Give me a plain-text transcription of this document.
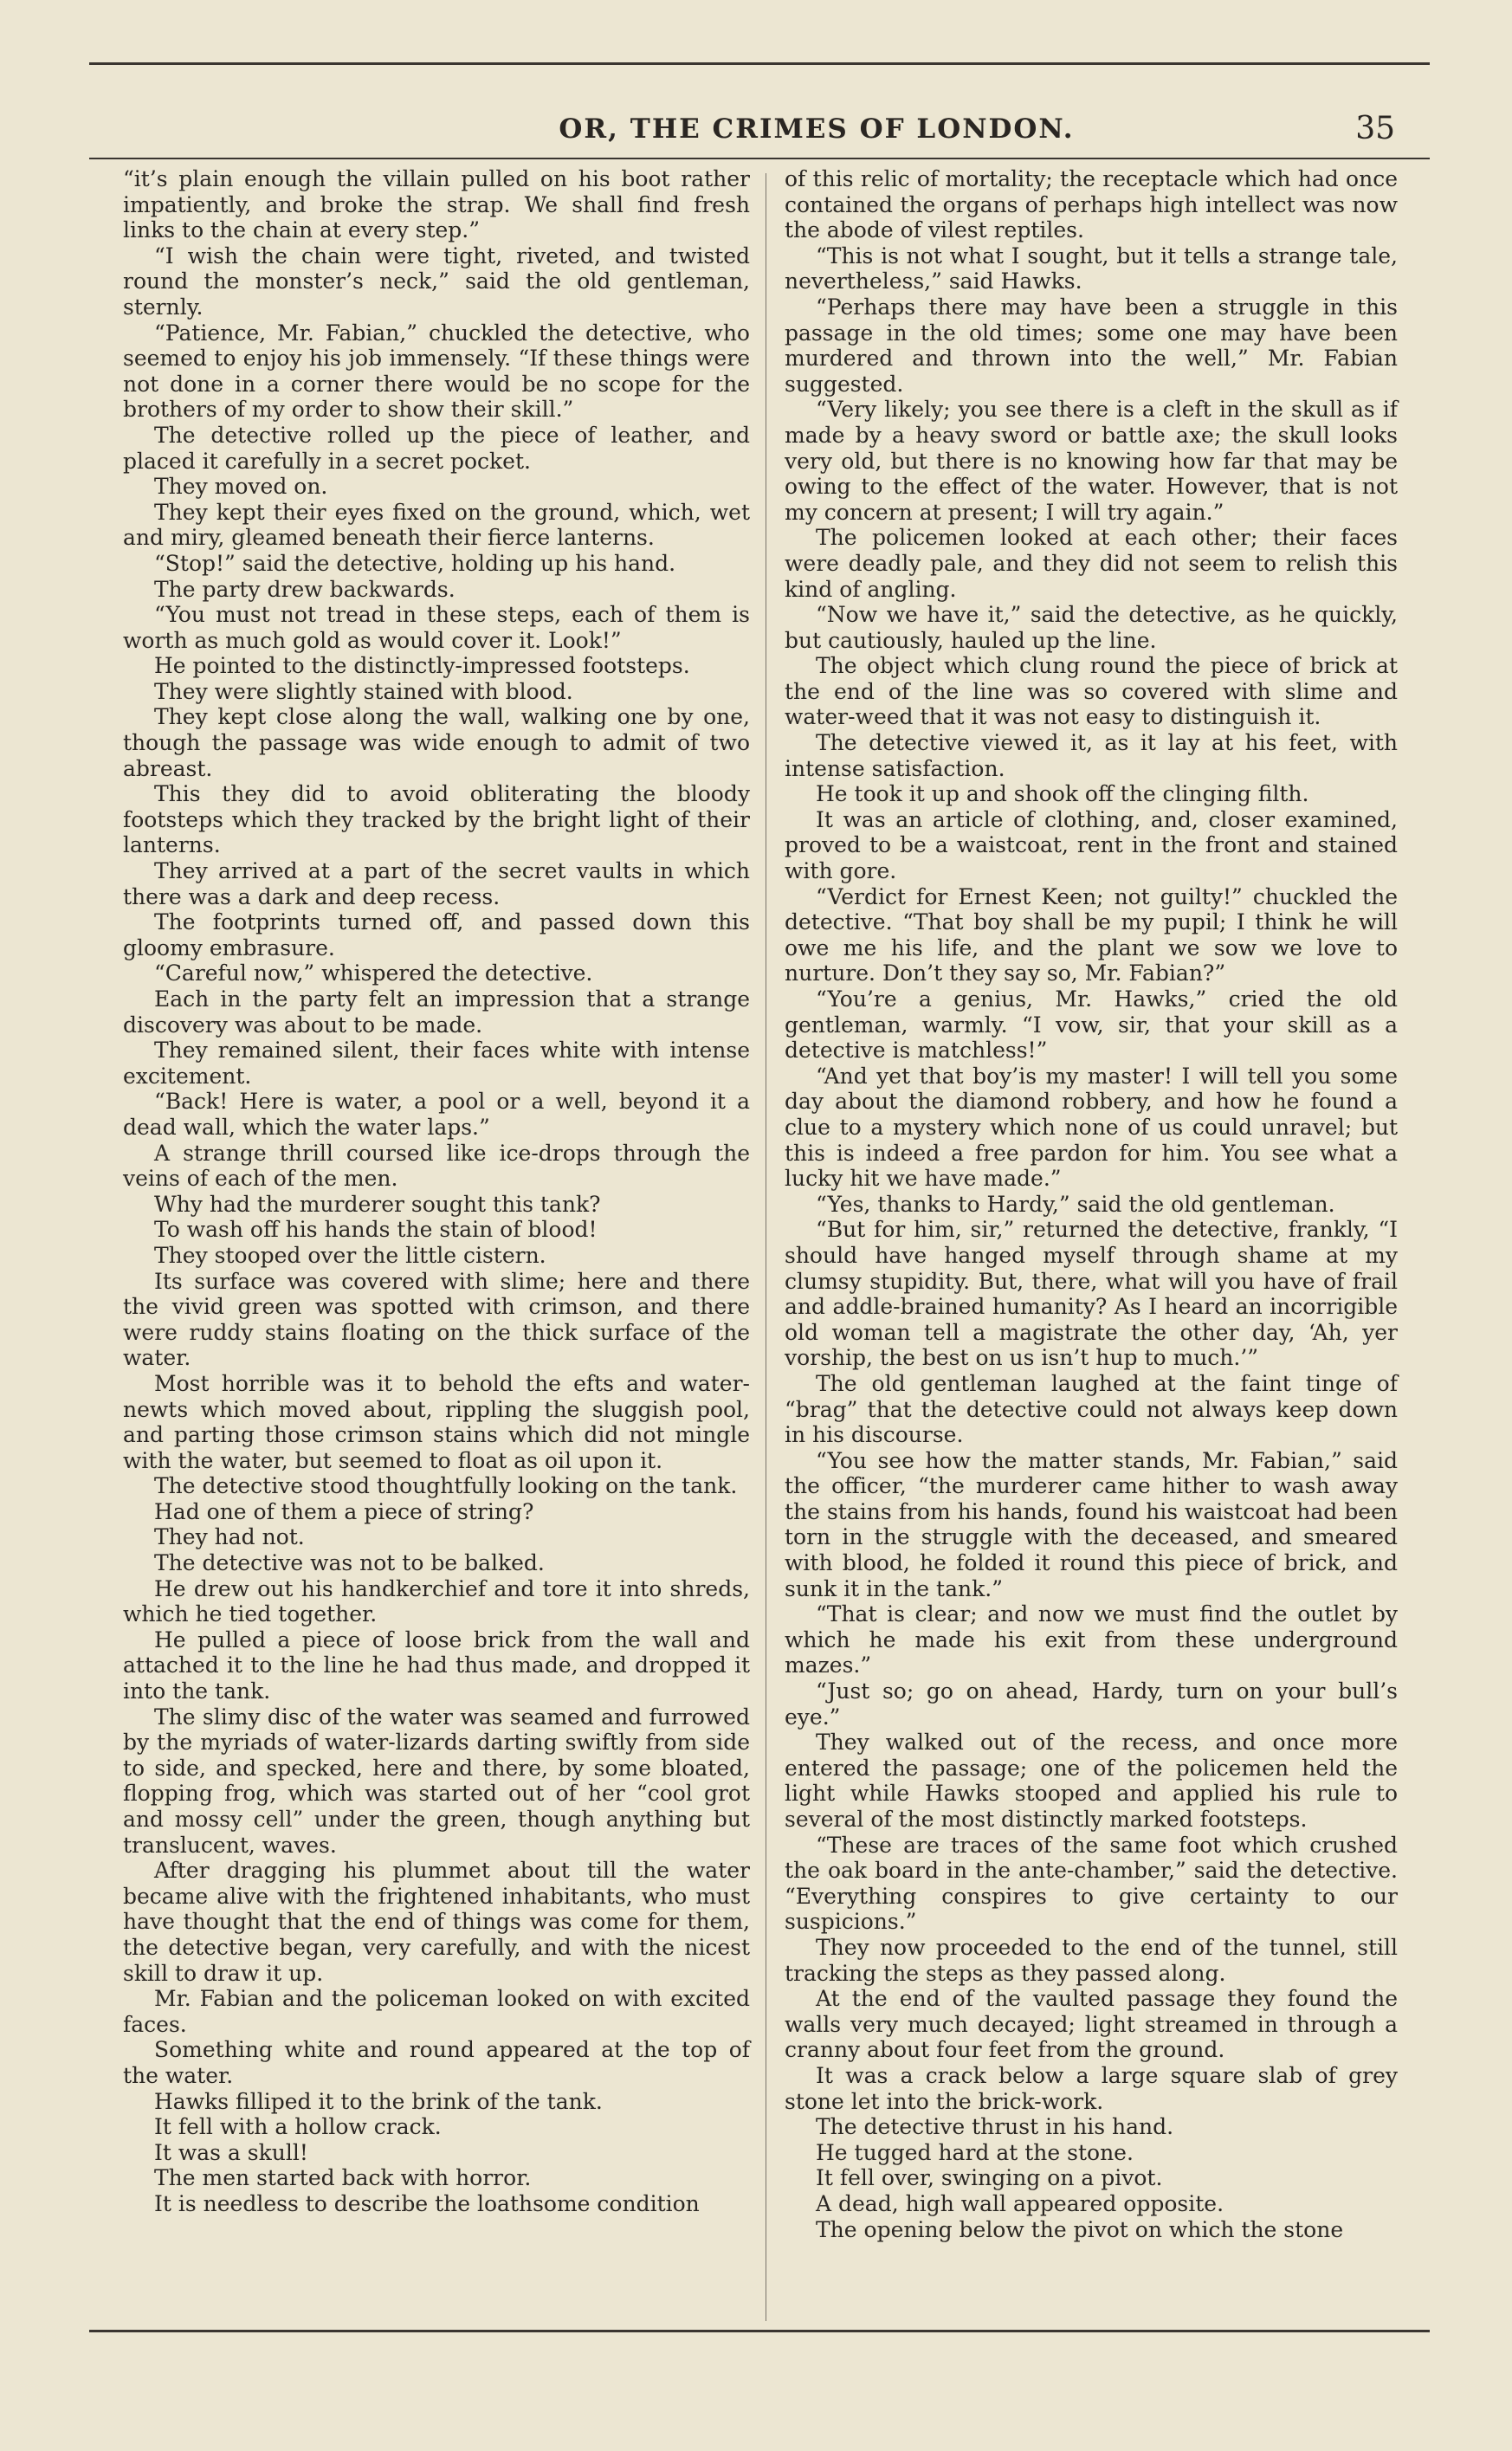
OR, THE CRIMES OF LONDON.	35

“it’s plain enough the villain pulled on his boot rather impatiently, and broke the strap. We shall find fresh links to the chain at every step.”

“I wish the chain were tight, riveted, and twisted round the monster’s neck,” said the old gentleman, sternly.

“Patience, Mr. Fabian,” chuckled the detective, who seemed to enjoy his job immensely. “If these things were not done in a corner there would be no scope for the brothers of my order to show their skill.”

The detective rolled up the piece of leather, and placed it carefully in a secret pocket.

They moved on.

They kept their eyes fixed on the ground, which, wet and miry, gleamed beneath their fierce lanterns.

“Stop!” said the detective, holding up his hand.

The party drew backwards.

“You must not tread in these steps, each of them is worth as much gold as would cover it. Look!”

He pointed to the distinctly-impressed footsteps.

They were slightly stained with blood.

They kept close along the wall, walking one by one, though the passage was wide enough to admit of two abreast.

This they did to avoid obliterating the bloody footsteps which they tracked by the bright light of their lanterns.

They arrived at a part of the secret vaults in which there was a dark and deep recess.

The footprints turned off, and passed down this gloomy embrasure.

“Careful now,” whispered the detective.

Each in the party felt an impression that a strange discovery was about to be made.

They remained silent, their faces white with intense excitement.

“Back! Here is water, a pool or a well, beyond it a dead wall, which the water laps.”

A strange thrill coursed like ice-drops through the veins of each of the men.

Why had the murderer sought this tank?

To wash off his hands the stain of blood!

They stooped over the little cistern.

Its surface was covered with slime; here and there the vivid green was spotted with crimson, and there were ruddy stains floating on the thick surface of the water.

Most horrible was it to behold the efts and water-newts which moved about, rippling the sluggish pool, and parting those crimson stains which did not mingle with the water, but seemed to float as oil upon it.

The detective stood thoughtfully looking on the tank.

Had one of them a piece of string?

They had not.

The detective was not to be balked.

He drew out his handkerchief and tore it into shreds, which he tied together.

He pulled a piece of loose brick from the wall and attached it to the line he had thus made, and dropped it into the tank.

The slimy disc of the water was seamed and furrowed by the myriads of water-lizards darting swiftly from side to side, and specked, here and there, by some bloated, flopping frog, which was started out of her “cool grot and mossy cell” under the green, though anything but translucent, waves.

After dragging his plummet about till the water became alive with the frightened inhabitants, who must have thought that the end of things was come for them, the detective began, very carefully, and with the nicest skill to draw it up.

Mr. Fabian and the policeman looked on with excited faces.

Something white and round appeared at the top of the water.

Hawks filliped it to the brink of the tank.

It fell with a hollow crack.

It was a skull!

The men started back with horror.

It is needless to describe the loathsome condition

of this relic of mortality; the receptacle which had once contained the organs of perhaps high intellect was now the abode of vilest reptiles.

“This is not what I sought, but it tells a strange tale, nevertheless,” said Hawks.

“Perhaps there may have been a struggle in this passage in the old times; some one may have been murdered and thrown into the well,” Mr. Fabian suggested.

“Very likely; you see there is a cleft in the skull as if made by a heavy sword or battle axe; the skull looks very old, but there is no knowing how far that may be owing to the effect of the water. However, that is not my concern at present; I will try again.”

The policemen looked at each other; their faces were deadly pale, and they did not seem to relish this kind of angling.

“Now we have it,” said the detective, as he quickly, but cautiously, hauled up the line.

The object which clung round the piece of brick at the end of the line was so covered with slime and water-weed that it was not easy to distinguish it.

The detective viewed it, as it lay at his feet, with intense satisfaction.

He took it up and shook off the clinging filth.

It was an article of clothing, and, closer examined, proved to be a waistcoat, rent in the front and stained with gore.

“Verdict for Ernest Keen; not guilty!” chuckled the detective. “That boy shall be my pupil; I think he will owe me his life, and the plant we sow we love to nurture. Don’t they say so, Mr. Fabian?”

“You’re a genius, Mr. Hawks,” cried the old gentleman, warmly. “I vow, sir, that your skill as a detective is matchless!”

“And yet that boy’is my master! I will tell you some day about the diamond robbery, and how he found a clue to a mystery which none of us could unravel; but this is indeed a free pardon for him. You see what a lucky hit we have made.”

“Yes, thanks to Hardy,” said the old gentleman.

“But for him, sir,” returned the detective, frankly, “I should have hanged myself through shame at my clumsy stupidity. But, there, what will you have of frail and addle-brained humanity? As I heard an incorrigible old woman tell a magistrate the other day, ‘Ah, yer vorship, the best on us isn’t hup to much.’”

The old gentleman laughed at the faint tinge of “brag” that the detective could not always keep down in his discourse.

“You see how the matter stands, Mr. Fabian,” said the officer, “the murderer came hither to wash away the stains from his hands, found his waistcoat had been torn in the struggle with the deceased, and smeared with blood, he folded it round this piece of brick, and sunk it in the tank.”

“That is clear; and now we must find the outlet by which he made his exit from these underground mazes.”

“Just so; go on ahead, Hardy, turn on your bull’s eye.”

They walked out of the recess, and once more entered the passage; one of the policemen held the light while Hawks stooped and applied his rule to several of the most distinctly marked footsteps.

“These are traces of the same foot which crushed the oak board in the ante-chamber,” said the detective. “Everything conspires to give certainty to our suspicions.”

They now proceeded to the end of the tunnel, still tracking the steps as they passed along.

At the end of the vaulted passage they found the walls very much decayed; light streamed in through a cranny about four feet from the ground.

It was a crack below a large square slab of grey stone let into the brick-work.

The detective thrust in his hand.

He tugged hard at the stone.

It fell over, swinging on a pivot.

A dead, high wall appeared opposite.

The opening below the pivot on which the stone
